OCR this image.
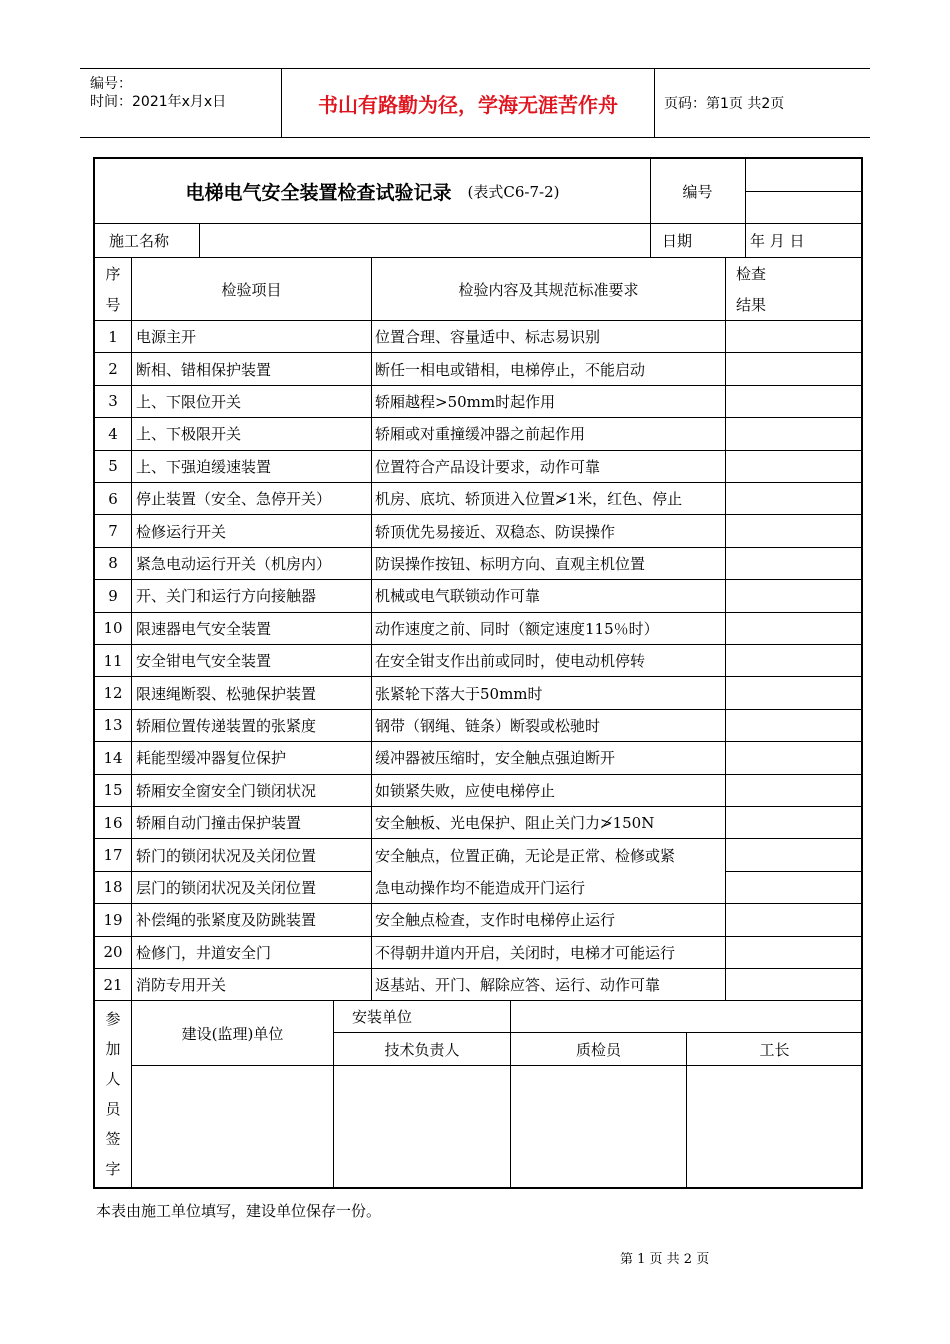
编号：
时间：2021年x月x日	书山有路勤为径，学海无涯苦作舟	页码：第1页 共2页
电梯电气安全装置检查试验记录 (表式C6-7-2)	编号
施工名称	日期	年 月 日
序
号
检验项目	检验内容及其规范标准要求
检查
结果
1	电源主开	位置合理、容量适中、标志易识别
2	断相、错相保护装置	断任一相电或错相，电梯停止，不能启动
3	上、下限位开关	轿厢越程>50mm时起作用
4	上、下极限开关	轿厢或对重撞缓冲器之前起作用
5	上、下强迫缓速装置	位置符合产品设计要求，动作可靠
6	停止装置（安全、急停开关）	机房、底坑、轿顶进入位置≯1米，红色、停止
7	检修运行开关	轿顶优先易接近、双稳态、防误操作
8	紧急电动运行开关（机房内）	防误操作按钮、标明方向、直观主机位置
9	开、关门和运行方向接触器	机械或电气联锁动作可靠
10 限速器电气安全装置	动作速度之前、同时（额定速度115％时）
11 安全钳电气安全装置	在安全钳支作出前或同时，使电动机停转
12 限速绳断裂、松驰保护装置	张紧轮下落大于50mm时
13 轿厢位置传递装置的张紧度	钢带（钢绳、链条）断裂或松驰时
14 耗能型缓冲器复位保护	缓冲器被压缩时，安全触点强迫断开
15 轿厢安全窗安全门锁闭状况	如锁紧失败，应使电梯停止
16 轿厢自动门撞击保护装置	安全触板、光电保护、阻止关门力≯150N
17 轿门的锁闭状况及关闭位置	安全触点，位置正确，无论是正常、检修或紧
18 层门的锁闭状况及关闭位置	急电动操作均不能造成开门运行
19 补偿绳的张紧度及防跳装置	安全触点检查，支作时电梯停止运行
20 检修门，井道安全门	不得朝井道内开启，关闭时，电梯才可能运行
21 消防专用开关	返基站、开门、解除应答、运行、动作可靠
参
加
人
员
签
字
建设(监理)单位
安装单位
技术负责人	质检员	工长
本表由施工单位填写，建设单位保存一份。
第 1 页 共 2 页
